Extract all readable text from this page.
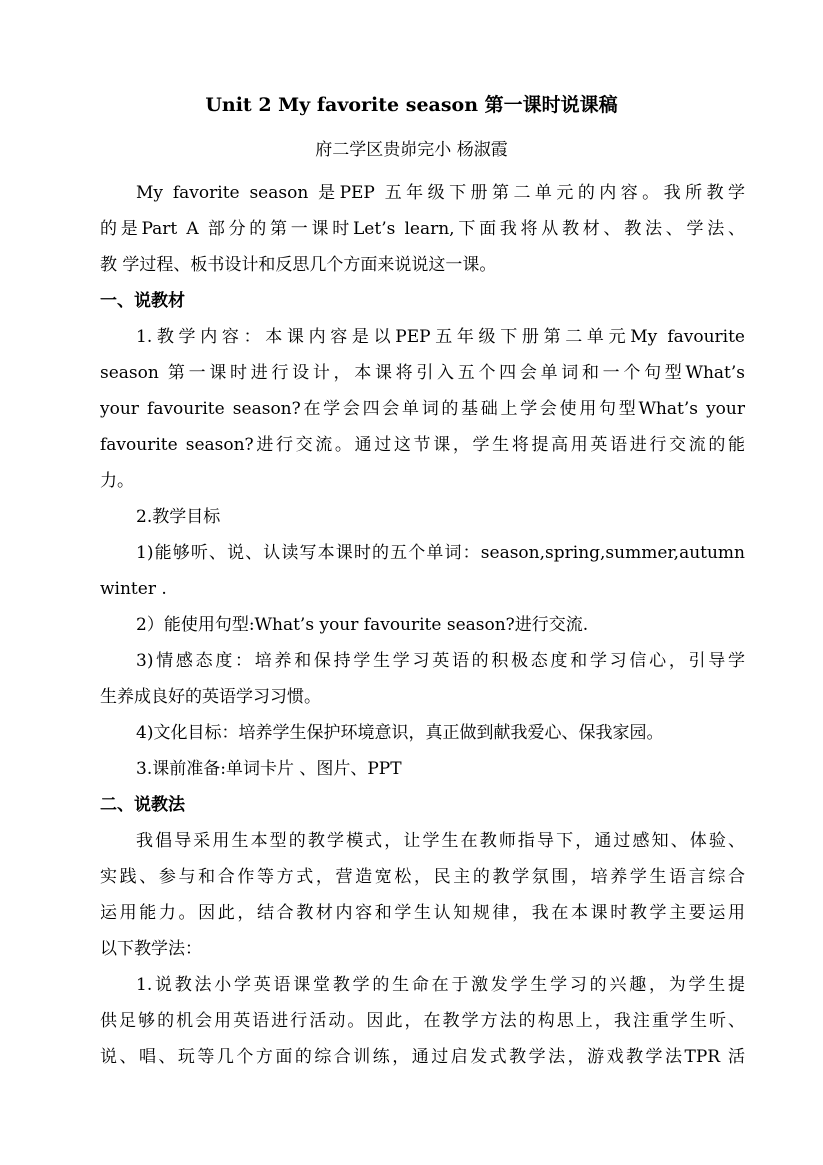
Unit 2 My favorite season 第一课时说课稿
府二学区贵峁完小 杨淑霞
My favorite season 是PEP 五年级下册第二单元的内容。我所教学
的是Part A 部分的第一课时Let’s learn,下面我将从教材、教法、学法、
教 学过程、板书设计和反思几个方面来说说这一课。
一、说教材
1.教学内容：本课内容是以PEP五年级下册第二单元My favourite
season 第一课时进行设计，本课将引入五个四会单词和一个句型What’s
your favourite season?在学会四会单词的基础上学会使用句型What’s your
favourite season?进行交流。通过这节课，学生将提高用英语进行交流的能
力。
2.教学目标
1)能够听、说、认读写本课时的五个单词：season,spring,summer,autumn
winter .
2）能使用句型:What’s your favourite season?进行交流.
3)情感态度：培养和保持学生学习英语的积极态度和学习信心，引导学
生养成良好的英语学习习惯。
4)文化目标：培养学生保护环境意识，真正做到献我爱心、保我家园。
3.课前准备:单词卡片 、图片、PPT
二、说教法
我倡导采用生本型的教学模式，让学生在教师指导下，通过感知、体验、
实践、参与和合作等方式，营造宽松，民主的教学氛围，培养学生语言综合
运用能力。因此，结合教材内容和学生认知规律，我在本课时教学主要运用
以下教学法：
1.说教法小学英语课堂教学的生命在于激发学生学习的兴趣，为学生提
供足够的机会用英语进行活动。因此，在教学方法的构思上，我注重学生听、
说、唱、玩等几个方面的综合训练，通过启发式教学法，游戏教学法TPR 活
